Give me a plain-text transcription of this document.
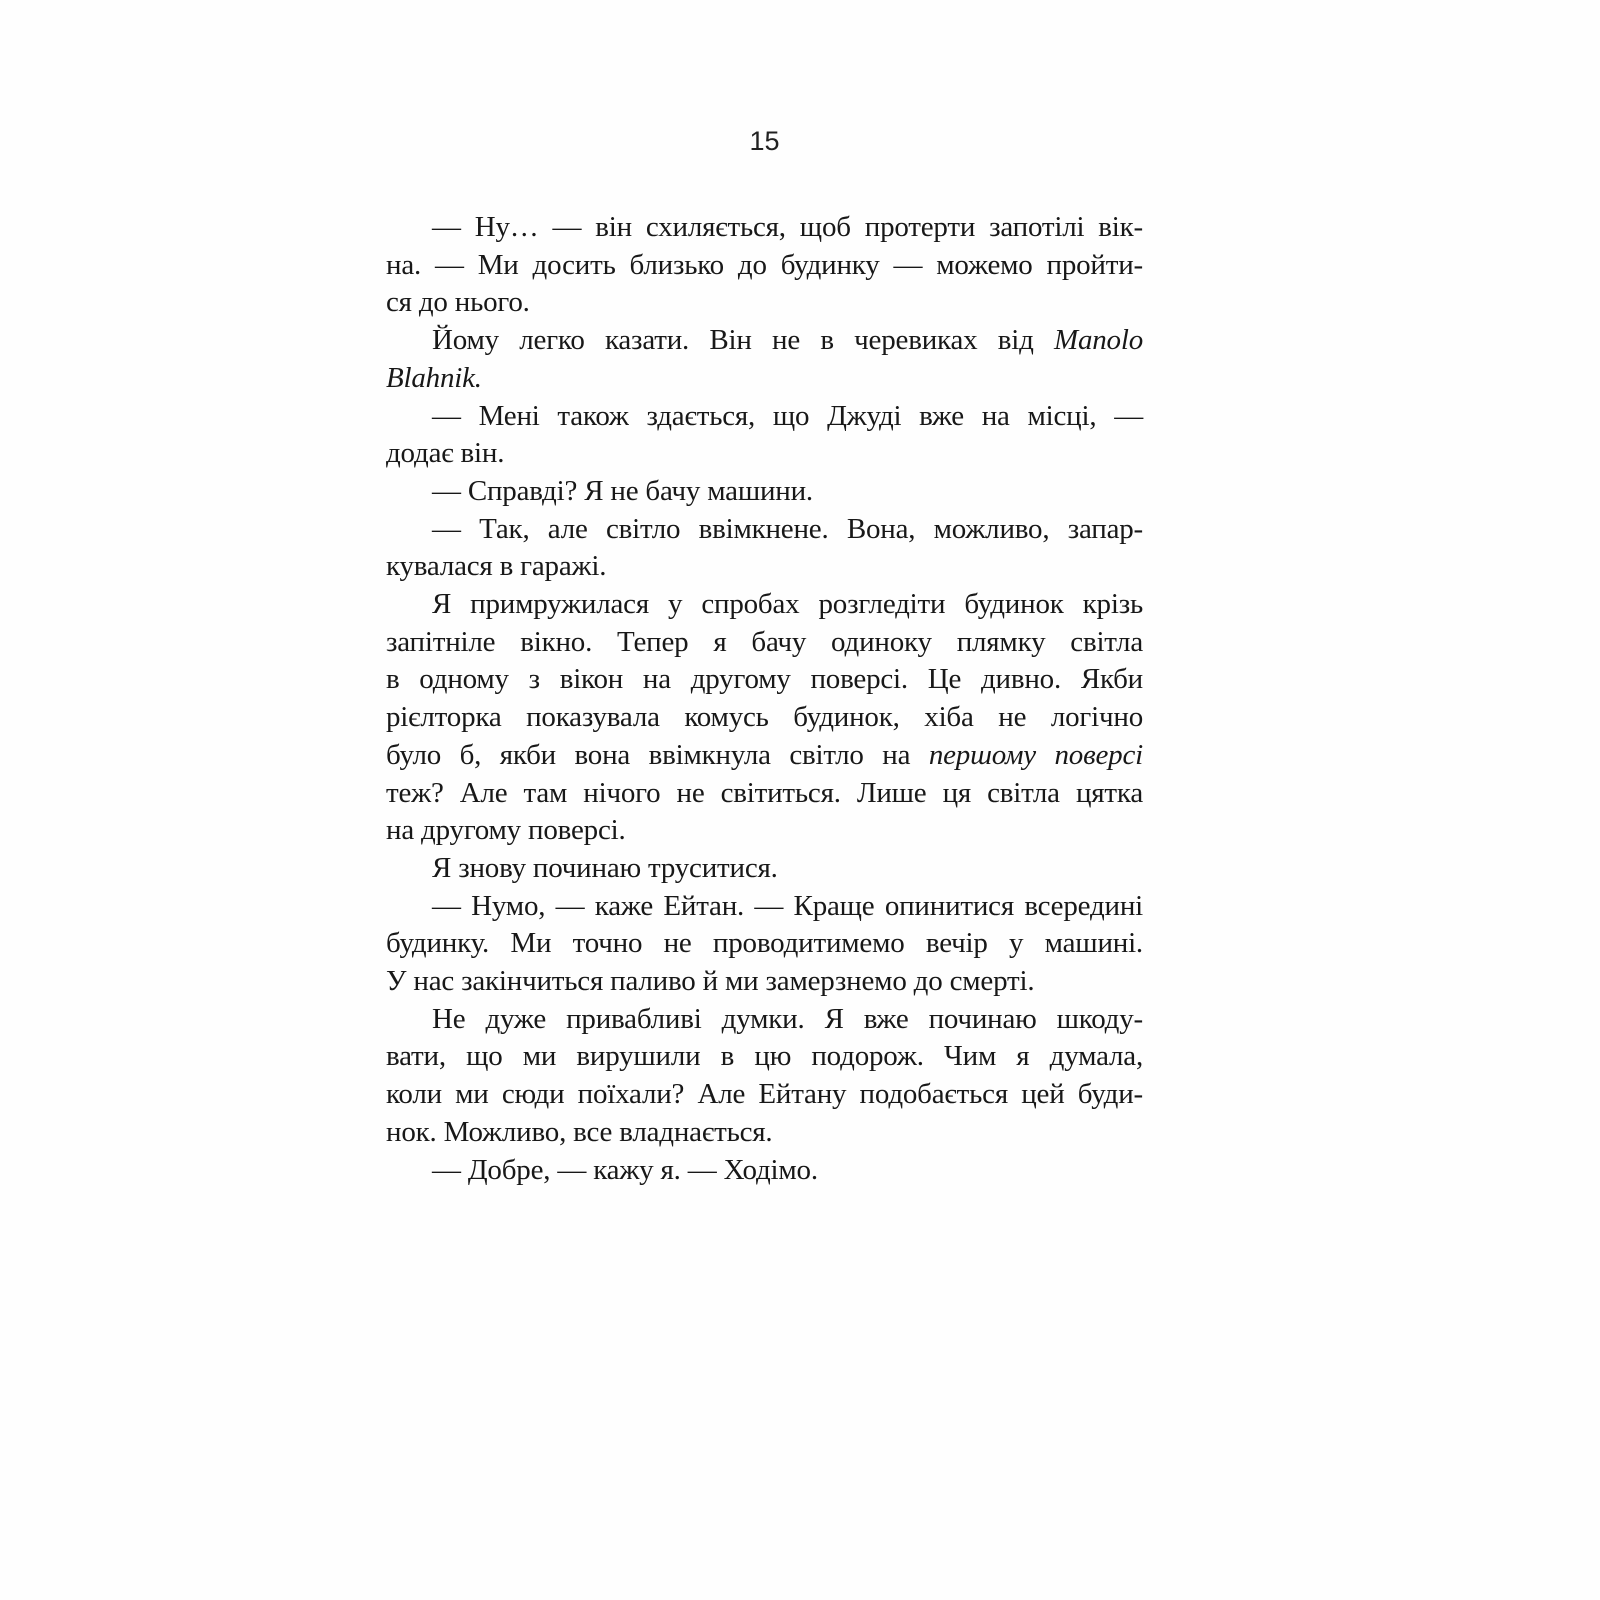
15
— Ну… — він схиляється, щоб протерти запотілі вік-
на. — Ми досить близько до будинку — можемо пройти-
ся до нього.
Йому легко казати. Він не в черевиках від Manolo
Blahnik.
— Мені також здається, що Джуді вже на місці, —
додає він.
— Справді? Я не бачу машини.
— Так, але світло ввімкнене. Вона, можливо, запар-
кувалася в гаражі.
Я примружилася у спробах розгледіти будинок крізь
запітніле вікно. Тепер я бачу одиноку плямку світла
в одному з вікон на другому поверсі. Це дивно. Якби
рієлторка показувала комусь будинок, хіба не логічно
було б, якби вона ввімкнула світло на першому поверсі
теж? Але там нічого не світиться. Лише ця світла цятка
на другому поверсі.
Я знову починаю труситися.
— Нумо, — каже Ейтан. — Краще опинитися всередині
будинку. Ми точно не проводитимемо вечір у машині.
У нас закінчиться паливо й ми замерзнемо до смерті.
Не дуже привабливі думки. Я вже починаю шкоду-
вати, що ми вирушили в цю подорож. Чим я думала,
коли ми сюди поїхали? Але Ейтану подобається цей буди-
нок. Можливо, все владнається.
— Добре, — кажу я. — Ходімо.
